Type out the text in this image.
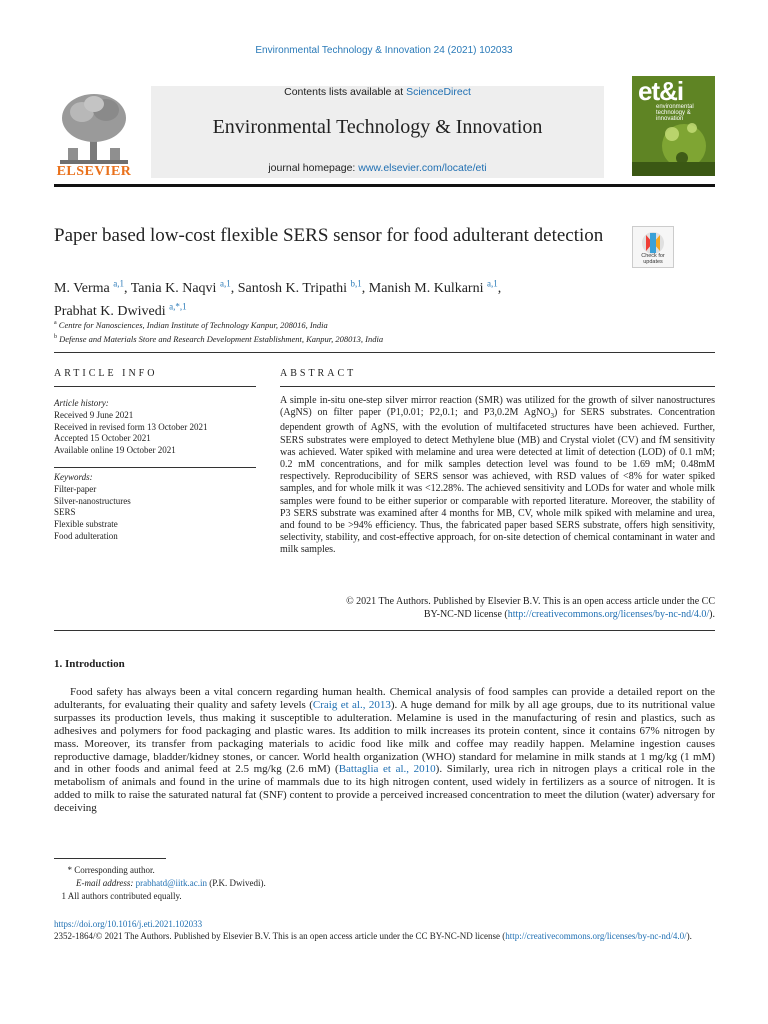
Environmental Technology & Innovation 24 (2021) 102033
ELSEVIER
Contents lists available at ScienceDirect
Environmental Technology & Innovation
journal homepage: www.elsevier.com/locate/eti
et&i
environmental technology & innovation
Paper based low-cost flexible SERS sensor for food adulterant detection
Check for updates
M. Verma $^{a,1}$, Tania K. Naqvi $^{a,1}$, Santosh K. Tripathi $^{b,1}$, Manish M. Kulkarni $^{a,1}$,
Prabhat K. Dwivedi $^{a,*,1}$
$^a$ Centre for Nanosciences, Indian Institute of Technology Kanpur, 208016, India
$^b$ Defense and Materials Store and Research Development Establishment, Kanpur, 208013, India
ARTICLE INFO	ABSTRACT
Article history:
Received 9 June 2021
Received in revised form 13 October 2021
Accepted 15 October 2021
Available online 19 October 2021
Keywords:
Filter-paper
Silver-nanostructures
SERS
Flexible substrate
Food adulteration
A simple in-situ one-step silver mirror reaction (SMR) was utilized for the growth of silver nanostructures (AgNS) on filter paper (P1,0.01; P2,0.1; and P3,0.2M AgNO$_3$) for SERS substrates. Concentration dependent growth of AgNS, with the evolution of multifaceted structures have been achieved. Further, SERS substrates were employed to detect Methylene blue (MB) and Crystal violet (CV) and fM sensitivity was achieved. Water spiked with melamine and urea were detected at limit of detection (LOD) of 0.1 mM; 0.2 mM concentrations, and for milk samples detection level was found to be 1.69 mM; 0.48mM respectively. Reproducibility of SERS sensor was achieved, with RSD values of <8% for water spiked samples, and for whole milk it was <12.28%. The achieved sensitivity and LODs for water and whole milk samples were found to be either superior or comparable with reported literature. Moreover, the stability of P3 SERS substrate was examined after 4 months for MB, CV, whole milk spiked with melamine and urea, and found to be >94% efficiency. Thus, the fabricated paper based SERS substrate, offers high sensitivity, selectivity, stability, and cost-effective approach, for on-site detection of chemical contaminant in water and milk samples.
© 2021 The Authors. Published by Elsevier B.V. This is an open access article under the CC
BY-NC-ND license (http://creativecommons.org/licenses/by-nc-nd/4.0/).
1. Introduction
Food safety has always been a vital concern regarding human health. Chemical analysis of food samples can provide a detailed report on the adulterants, for evaluating their quality and safety levels (Craig et al., 2013). A huge demand for milk by all age groups, due to its nutritional value surpasses its production levels, thus making it susceptible to adulteration. Melamine is used in the manufacturing of resin and plastics, such as adhesives and polymers for food packaging and plastic wares. Its addition to milk increases its protein content, since it contains 67% nitrogen by mass. Moreover, its transfer from packaging materials to acidic food like milk and coffee may readily happen. Melamine ingestion causes reproductive damage, bladder/kidney stones, or cancer. World health organization (WHO) standard for melamine in milk stands at 1 mg/kg (1 mM) and in other foods and animal feed at 2.5 mg/kg (2.6 mM) (Battaglia et al., 2010). Similarly, urea rich in nitrogen plays a critical role in the metabolism of animals and found in the urine of mammals due to its high nitrogen content, used widely in fertilizers as a source of nitrogen. It is added to milk to raise the saturated natural fat (SNF) content to provide a perceived increased concentration to meet the dilution (water) adversary for deceiving
* Corresponding author.
E-mail address: prabhatd@iitk.ac.in (P.K. Dwivedi).
1 All authors contributed equally.
https://doi.org/10.1016/j.eti.2021.102033
2352-1864/© 2021 The Authors. Published by Elsevier B.V. This is an open access article under the CC BY-NC-ND license (http://creativecommons.org/licenses/by-nc-nd/4.0/).
